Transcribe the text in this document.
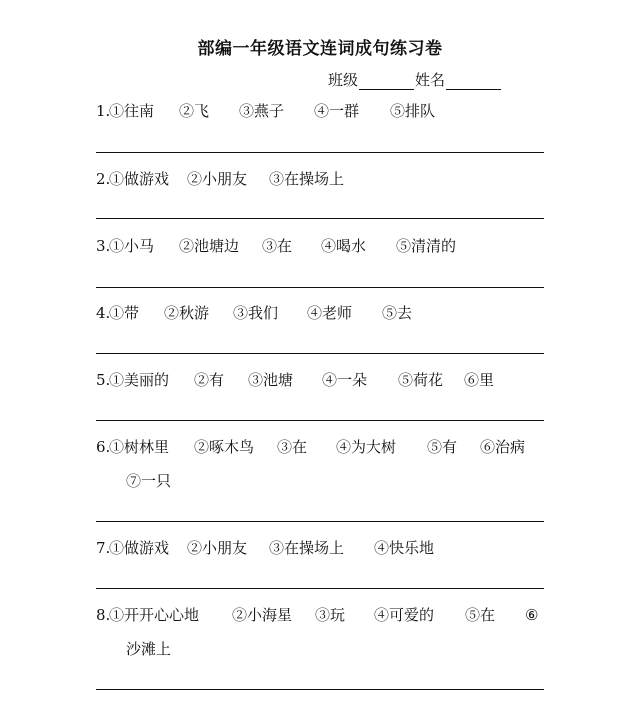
部编一年级语文连词成句练习卷
班级	姓名
1.
①往南 ②飞 ③燕子 ④一群 ⑤排队
2.
①做游戏 ②小朋友 ③在操场上
3.
①小马 ②池塘边 ③在 ④喝水 ⑤清清的
4.
①带 ②秋游 ③我们 ④老师 ⑤去
5.
①美丽的 ②有 ③池塘 ④一朵 ⑤荷花 ⑥里
6.
①树林里 ②啄木鸟 ③在 ④为大树 ⑤有 ⑥治病
⑦一只
7.
①做游戏 ②小朋友 ③在操场上 ④快乐地
8.
①开开心心地 ②小海星 ③玩 ④可爱的 ⑤在 ⑥
沙滩上
